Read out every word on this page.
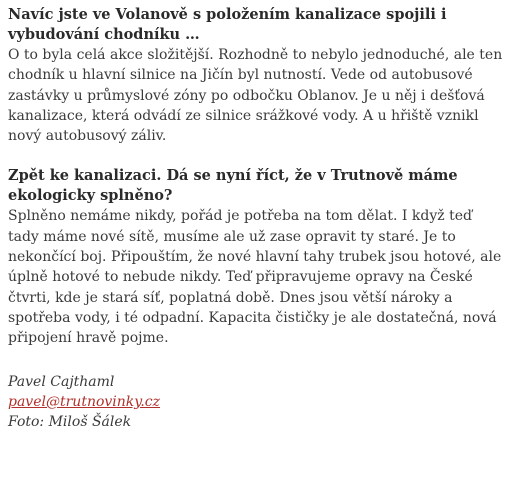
Navíc jste ve Volanově s položením kanalizace spojili i vybudování chodníku …

O to byla celá akce složitější. Rozhodně to nebylo jednoduché, ale ten chodník u hlavní silnice na Jičín byl nutností. Vede od autobusové zastávky u průmyslové zóny po odbočku Oblanov. Je u něj i dešťová kanalizace, která odvádí ze silnice srážkové vody. A u hřiště vznikl nový autobusový záliv.

Zpět ke kanalizaci. Dá se nyní říct, že v Trutnově máme ekologicky splněno?

Splněno nemáme nikdy, pořád je potřeba na tom dělat. I když teď tady máme nové sítě, musíme ale už zase opravit ty staré. Je to nekončící boj. Připouštím, že nové hlavní tahy trubek jsou hotové, ale úplně hotové to nebude nikdy. Teď připravujeme opravy na České čtvrti, kde je stará síť, poplatná době. Dnes jsou větší nároky a spotřeba vody, i té odpadní. Kapacita čističky je ale dostatečná, nová připojení hravě pojme.

Pavel Cajthaml

pavel@trutnovinky.cz

Foto: Miloš Šálek
